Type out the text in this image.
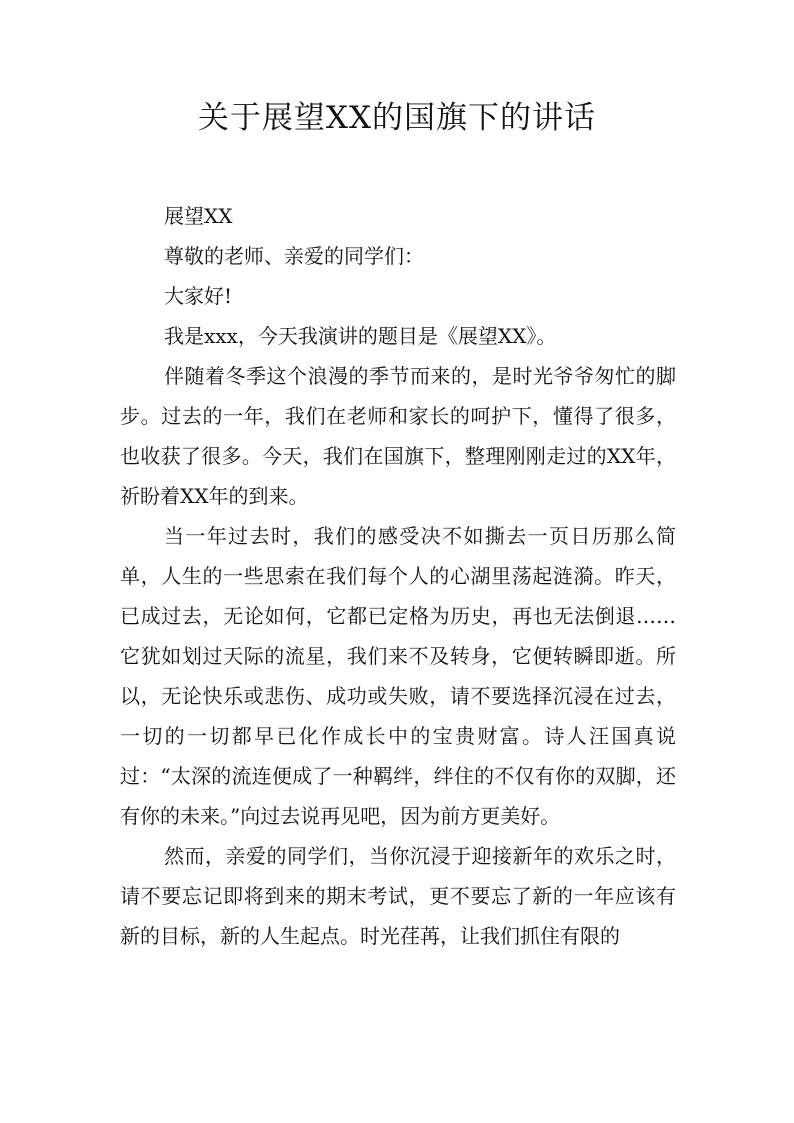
关于展望XX的国旗下的讲话

展望XX

尊敬的老师、亲爱的同学们：

大家好!

我是xxx，今天我演讲的题目是《展望XX》。

伴随着冬季这个浪漫的季节而来的，是时光爷爷匆忙的脚步。过去的一年，我们在老师和家长的呵护下，懂得了很多，也收获了很多。今天，我们在国旗下，整理刚刚走过的XX年，祈盼着XX年的到来。

当一年过去时，我们的感受决不如撕去一页日历那么简单，人生的一些思索在我们每个人的心湖里荡起涟漪。昨天，已成过去，无论如何，它都已定格为历史，再也无法倒退……它犹如划过天际的流星，我们来不及转身，它便转瞬即逝。所以，无论快乐或悲伤、成功或失败，请不要选择沉浸在过去，一切的一切都早已化作成长中的宝贵财富。诗人汪国真说过：“太深的流连便成了一种羁绊，绊住的不仅有你的双脚，还有你的未来。”向过去说再见吧，因为前方更美好。

然而，亲爱的同学们，当你沉浸于迎接新年的欢乐之时，请不要忘记即将到来的期末考试，更不要忘了新的一年应该有新的目标，新的人生起点。时光荏苒，让我们抓住有限的
